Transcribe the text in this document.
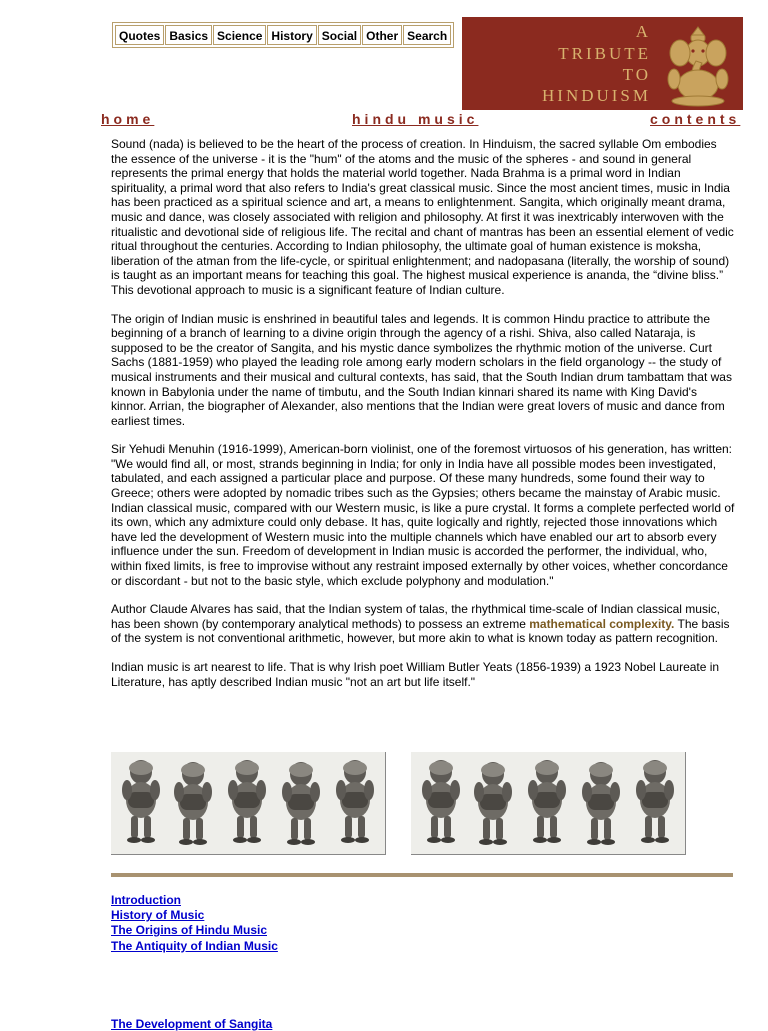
Quotes Basics Science History Social Other Search	A
TRIBUTE
TO
HINDUISM
home	hindu music	contents

Sound (nada) is believed to be the heart of the process of creation. In Hinduism, the sacred syllable Om embodies the essence of the universe - it is the "hum" of the atoms and the music of the spheres - and sound in general represents the primal energy that holds the material world together. Nada Brahma is a primal word in Indian spirituality, a primal word that also refers to India's great classical music. Since the most ancient times, music in India has been practiced as a spiritual science and art, a means to enlightenment. Sangita, which originally meant drama, music and dance, was closely associated with religion and philosophy. At first it was inextricably interwoven with the ritualistic and devotional side of religious life. The recital and chant of mantras has been an essential element of vedic ritual throughout the centuries. According to Indian philosophy, the ultimate goal of human existence is moksha, liberation of the atman from the life-cycle, or spiritual enlightenment; and nadopasana (literally, the worship of sound) is taught as an important means for teaching this goal. The highest musical experience is ananda, the “divine bliss.” This devotional approach to music is a significant feature of Indian culture.

The origin of Indian music is enshrined in beautiful tales and legends. It is common Hindu practice to attribute the beginning of a branch of learning to a divine origin through the agency of a rishi. Shiva, also called Nataraja, is supposed to be the creator of Sangita, and his mystic dance symbolizes the rhythmic motion of the universe. Curt Sachs (1881-1959) who played the leading role among early modern scholars in the field organology -- the study of musical instruments and their musical and cultural contexts, has said, that the South Indian drum tambattam that was known in Babylonia under the name of timbutu, and the South Indian kinnari shared its name with King David's kinnor. Arrian, the biographer of Alexander, also mentions that the Indian were great lovers of music and dance from earliest times.

Sir Yehudi Menuhin (1916-1999), American-born violinist, one of the foremost virtuosos of his generation, has written: "We would find all, or most, strands beginning in India; for only in India have all possible modes been investigated, tabulated, and each assigned a particular place and purpose. Of these many hundreds, some found their way to Greece; others were adopted by nomadic tribes such as the Gypsies; others became the mainstay of Arabic music. Indian classical music, compared with our Western music, is like a pure crystal. It forms a complete perfected world of its own, which any admixture could only debase. It has, quite logically and rightly, rejected those innovations which have led the development of Western music into the multiple channels which have enabled our art to absorb every influence under the sun. Freedom of development in Indian music is accorded the performer, the individual, who, within fixed limits, is free to improvise without any restraint imposed externally by other voices, whether concordance or discordant - but not to the basic style, which exclude polyphony and modulation."

Author Claude Alvares has said, that the Indian system of talas, the rhythmical time-scale of Indian classical music, has been shown (by contemporary analytical methods) to possess an extreme mathematical complexity. The basis of the system is not conventional arithmetic, however, but more akin to what is known today as pattern recognition.

Indian music is art nearest to life. That is why Irish poet William Butler Yeats (1856-1939) a 1923 Nobel Laureate in Literature, has aptly described Indian music "not an art but life itself."

Introduction
History of Music
The Origins of Hindu Music
The Antiquity of Indian Music
The Development of Sangita
